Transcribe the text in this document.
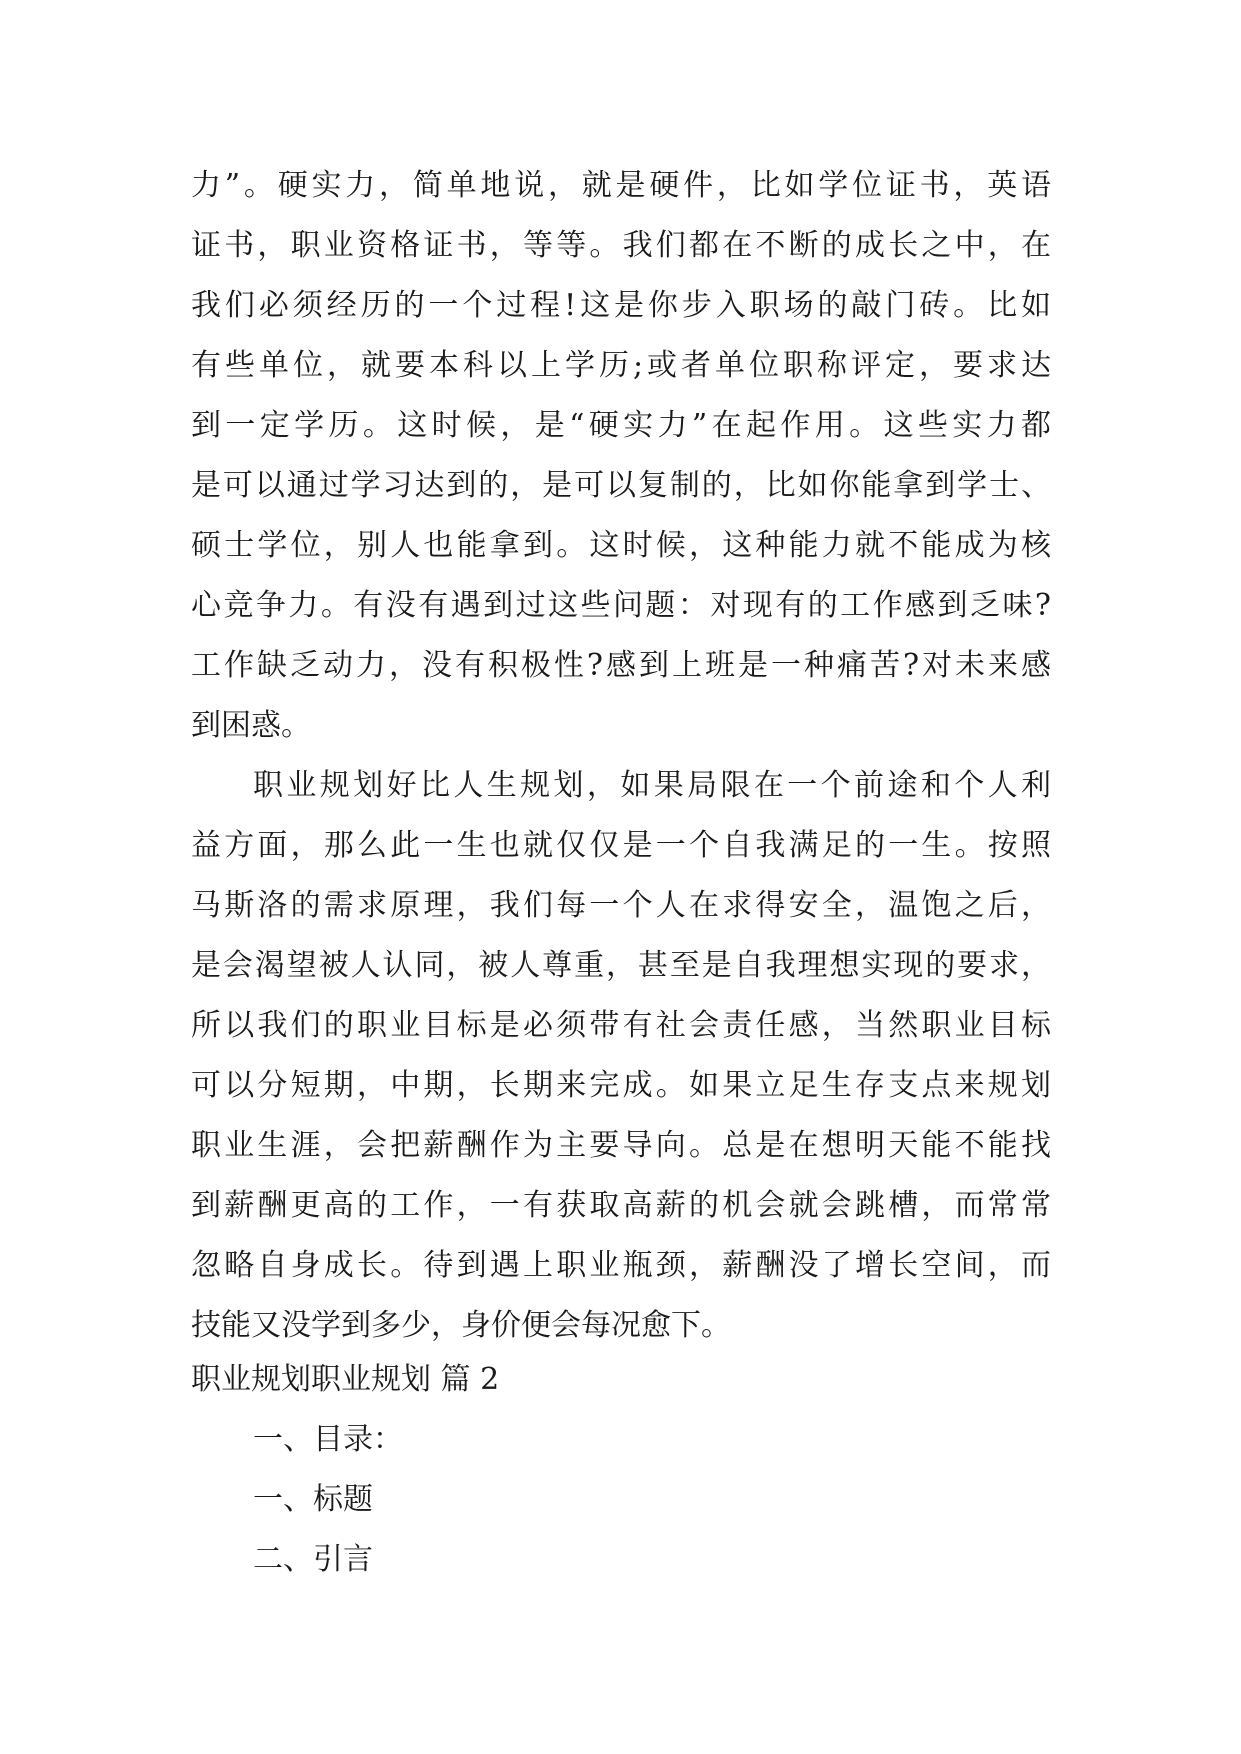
力”。硬实力，简单地说，就是硬件，比如学位证书，英语
证书，职业资格证书，等等。我们都在不断的成长之中，在
我们必须经历的一个过程!这是你步入职场的敲门砖。比如
有些单位，就要本科以上学历;或者单位职称评定，要求达
到一定学历。这时候，是“硬实力”在起作用。这些实力都
是可以通过学习达到的，是可以复制的，比如你能拿到学士、
硕士学位，别人也能拿到。这时候，这种能力就不能成为核
心竞争力。有没有遇到过这些问题：对现有的工作感到乏味?
工作缺乏动力，没有积极性?感到上班是一种痛苦?对未来感
到困惑。
职业规划好比人生规划，如果局限在一个前途和个人利
益方面，那么此一生也就仅仅是一个自我满足的一生。按照
马斯洛的需求原理，我们每一个人在求得安全，温饱之后，
是会渴望被人认同，被人尊重，甚至是自我理想实现的要求，
所以我们的职业目标是必须带有社会责任感，当然职业目标
可以分短期，中期，长期来完成。如果立足生存支点来规划
职业生涯，会把薪酬作为主要导向。总是在想明天能不能找
到薪酬更高的工作，一有获取高薪的机会就会跳槽，而常常
忽略自身成长。待到遇上职业瓶颈，薪酬没了增长空间，而
技能又没学到多少，身价便会每况愈下。
职业规划职业规划 篇 2
一、目录：
一、标题
二、引言
